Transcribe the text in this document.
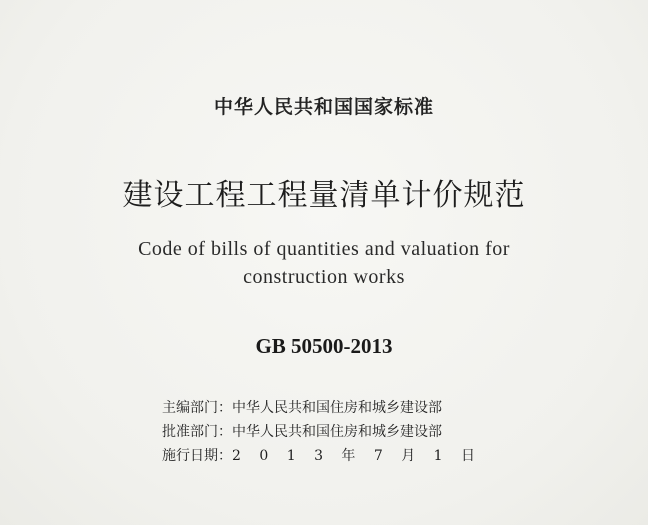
中华人民共和国国家标准
建设工程工程量清单计价规范
Code of bills of quantities and valuation for
construction works
GB 50500-2013
主编部门：中华人民共和国住房和城乡建设部
批准部门：中华人民共和国住房和城乡建设部
施行日期：2 0 1 3 年 7 月 1 日
